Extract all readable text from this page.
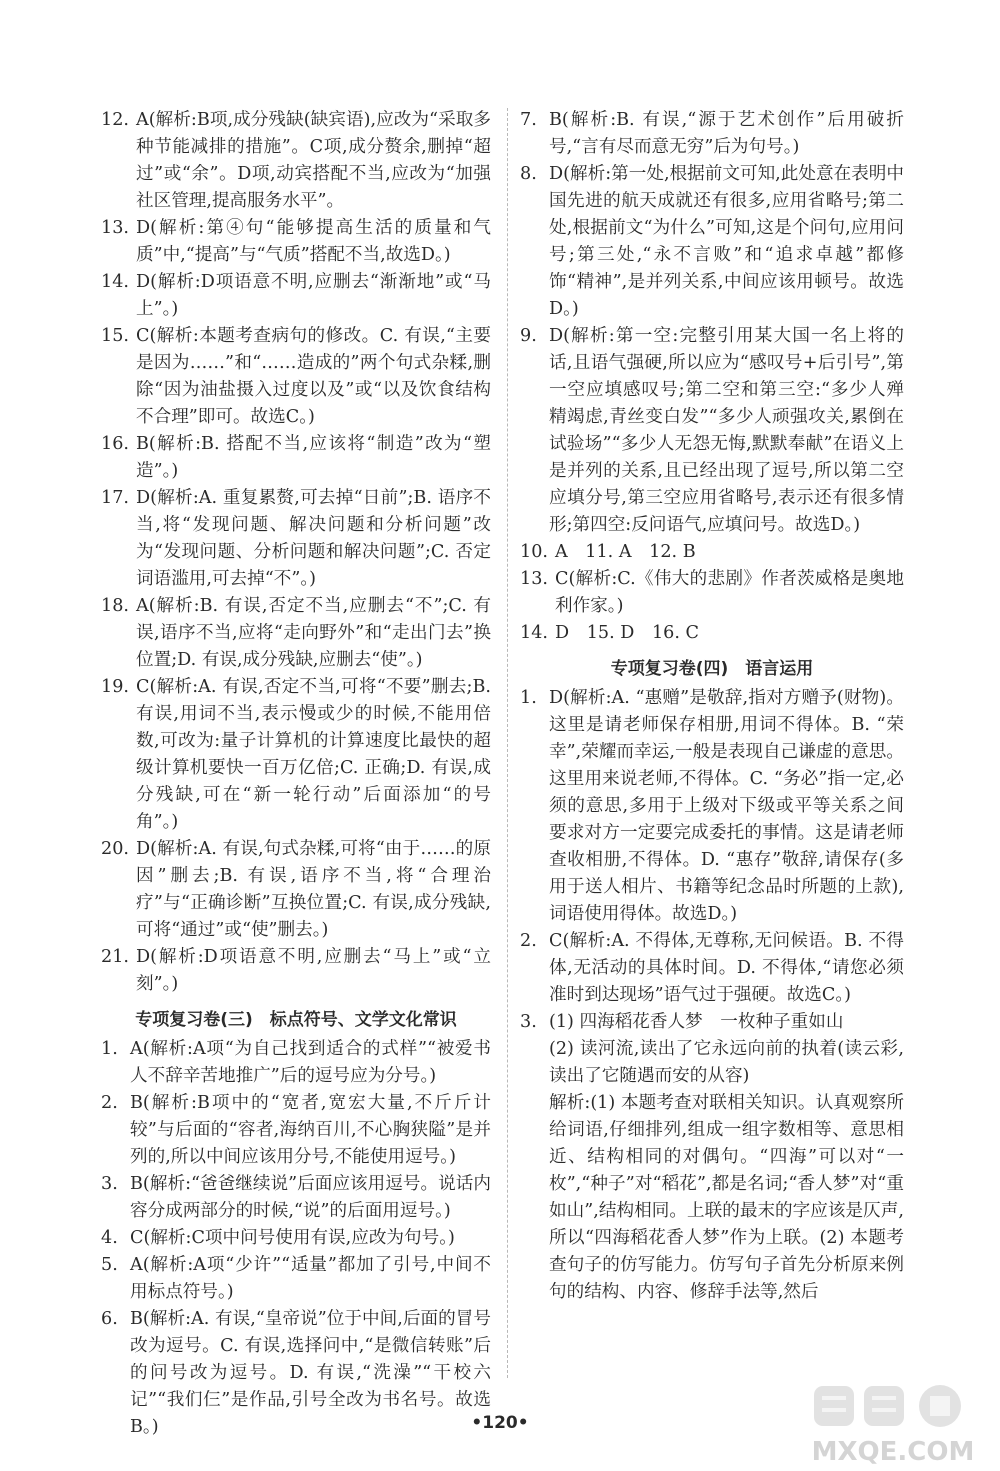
12. A(解析:B项,成分残缺(缺宾语),应改为“采取多种节能减排的措施”。C项,成分赘余,删掉“超过”或“余”。D项,动宾搭配不当,应改为“加强社区管理,提高服务水平”。
13. D(解析:第④句“能够提高生活的质量和气质”中,“提高”与“气质”搭配不当,故选D。)
14. D(解析:D项语意不明,应删去“渐渐地”或“马上”。)
15. C(解析:本题考查病句的修改。C. 有误,“主要是因为……”和“……造成的”两个句式杂糅,删除“因为油盐摄入过度以及”或“以及饮食结构不合理”即可。故选C。)
16. B(解析:B. 搭配不当,应该将“制造”改为“塑造”。)
17. D(解析:A. 重复累赘,可去掉“日前”;B. 语序不当,将“发现问题、解决问题和分析问题”改为“发现问题、分析问题和解决问题”;C. 否定词语滥用,可去掉“不”。)
18. A(解析:B. 有误,否定不当,应删去“不”;C. 有误,语序不当,应将“走向野外”和“走出门去”换位置;D. 有误,成分残缺,应删去“使”。)
19. C(解析:A. 有误,否定不当,可将“不要”删去;B. 有误,用词不当,表示慢或少的时候,不能用倍数,可改为:量子计算机的计算速度比最快的超级计算机要快一百万亿倍;C. 正确;D. 有误,成分残缺,可在“新一轮行动”后面添加“的号角”。)
20. D(解析:A. 有误,句式杂糅,可将“由于……的原因”删去;B. 有误,语序不当,将“合理治疗”与“正确诊断”互换位置;C. 有误,成分残缺,可将“通过”或“使”删去。)
21. D(解析:D项语意不明,应删去“马上”或“立刻”。)
专项复习卷(三)　标点符号、文学文化常识
1. A(解析:A项“为自己找到适合的式样”“被爱书人不辞辛苦地推广”后的逗号应为分号。)
2. B(解析:B项中的“宽者,宽宏大量,不斤斤计较”与后面的“容者,海纳百川,不心胸狭隘”是并列的,所以中间应该用分号,不能使用逗号。)
3. B(解析:“爸爸继续说”后面应该用逗号。说话内容分成两部分的时候,“说”的后面用逗号。)
4. C(解析:C项中问号使用有误,应改为句号。)
5. A(解析:A项“少许”“适量”都加了引号,中间不用标点符号。)
6. B(解析:A. 有误,“皇帝说”位于中间,后面的冒号改为逗号。C. 有误,选择问中,“是微信转账”后的问号改为逗号。D. 有误,“洗澡”“干校六记”“我们仨”是作品,引号全改为书名号。故选B。)
7. B(解析:B. 有误,“源于艺术创作”后用破折号,“言有尽而意无穷”后为句号。)
8. D(解析:第一处,根据前文可知,此处意在表明中国先进的航天成就还有很多,应用省略号;第二处,根据前文“为什么”可知,这是个问句,应用问号;第三处,“永不言败”和“追求卓越”都修饰“精神”,是并列关系,中间应该用顿号。故选D。)
9. D(解析:第一空:完整引用某大国一名上将的话,且语气强硬,所以应为“感叹号+后引号”,第一空应填感叹号;第二空和第三空:“多少人殚精竭虑,青丝变白发”“多少人顽强攻关,累倒在试验场”“多少人无怨无悔,默默奉献”在语义上是并列的关系,且已经出现了逗号,所以第二空应填分号,第三空应用省略号,表示还有很多情形;第四空:反问语气,应填问号。故选D。)
10. A　11. A　12. B
13. C(解析:C.《伟大的悲剧》作者茨威格是奥地利作家。)
14. D　15. D　16. C
专项复习卷(四)　语言运用
1. D(解析:A. “惠赠”是敬辞,指对方赠予(财物)。这里是请老师保存相册,用词不得体。B. “荣幸”,荣耀而幸运,一般是表现自己谦虚的意思。这里用来说老师,不得体。C. “务必”指一定,必须的意思,多用于上级对下级或平等关系之间要求对方一定要完成委托的事情。这是请老师查收相册,不得体。D. “惠存”敬辞,请保存(多用于送人相片、书籍等纪念品时所题的上款),词语使用得体。故选D。)
2. C(解析:A. 不得体,无尊称,无问候语。B. 不得体,无活动的具体时间。D. 不得体,“请您必须准时到达现场”语气过于强硬。故选C。)
3. (1) 四海稻花香人梦　一枚种子重如山
(2) 读河流,读出了它永远向前的执着(读云彩,读出了它随遇而安的从容)
解析:(1) 本题考查对联相关知识。认真观察所给词语,仔细排列,组成一组字数相等、意思相近、结构相同的对偶句。“四海”可以对“一枚”,“种子”对“稻花”,都是名词;“香人梦”对“重如山”,结构相同。上联的最末的字应该是仄声,所以“四海稻花香人梦”作为上联。(2) 本题考查句子的仿写能力。仿写句子首先分析原来例句的结构、内容、修辞手法等,然后
•120•
MXQE.COM
